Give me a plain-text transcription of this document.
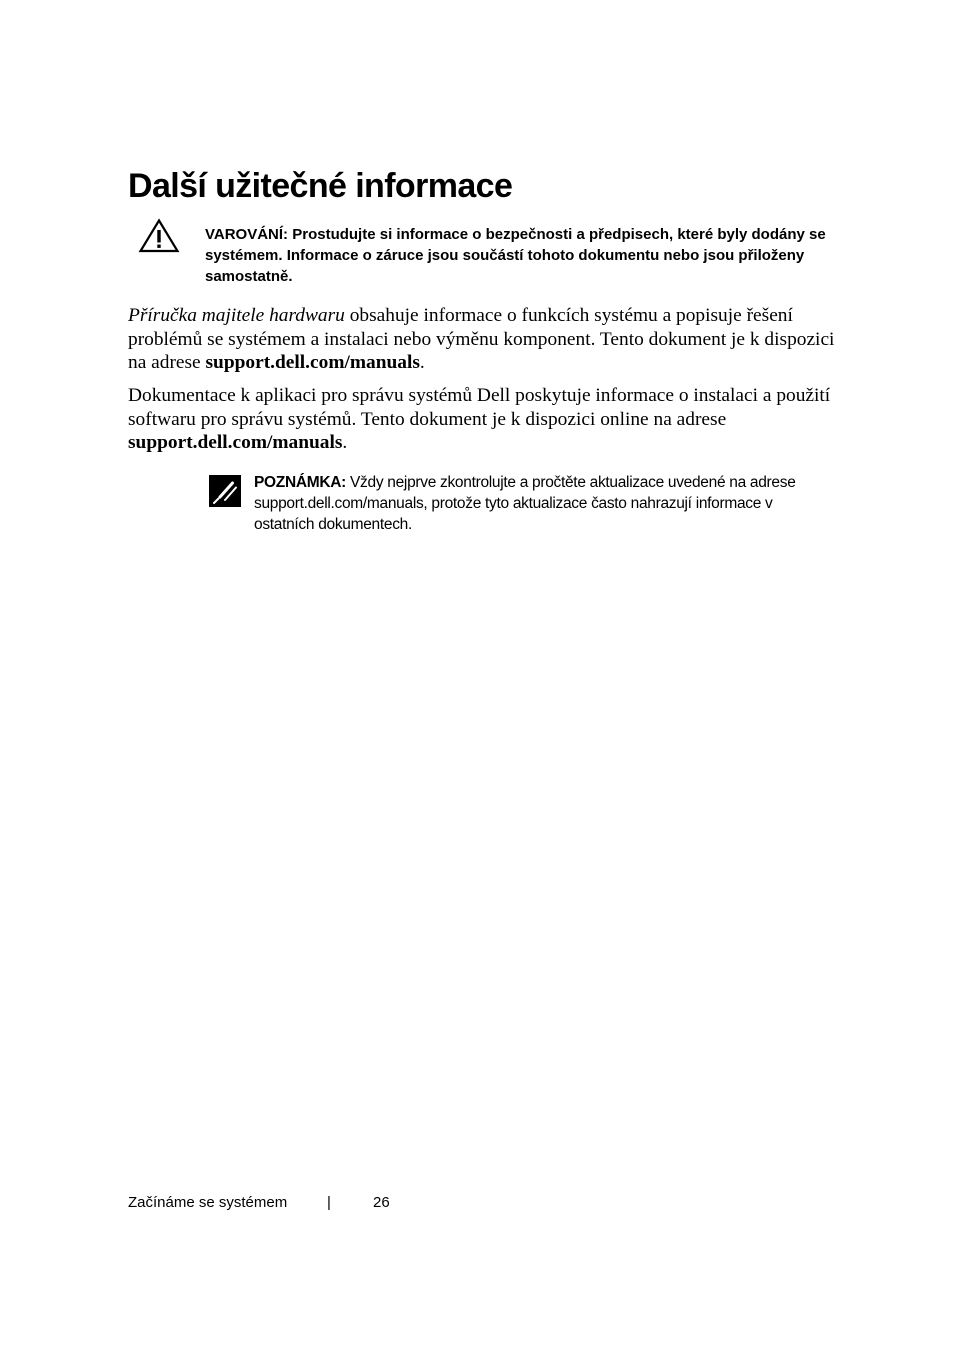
Další užitečné informace

VAROVÁNÍ: Prostudujte si informace o bezpečnosti a předpisech, které byly dodány se systémem. Informace o záruce jsou součástí tohoto dokumentu nebo jsou přiloženy samostatně.

Příručka majitele hardwaru obsahuje informace o funkcích systému a popisuje řešení problémů se systémem a instalaci nebo výměnu komponent. Tento dokument je k dispozici na adrese support.dell.com/manuals.

Dokumentace k aplikaci pro správu systémů Dell poskytuje informace o instalaci a použití softwaru pro správu systémů. Tento dokument je k dispozici online na adrese support.dell.com/manuals.

POZNÁMKA: Vždy nejprve zkontrolujte a pročtěte aktualizace uvedené na adrese support.dell.com/manuals, protože tyto aktualizace často nahrazují informace v ostatních dokumentech.

Začínáme se systémem	|	26
